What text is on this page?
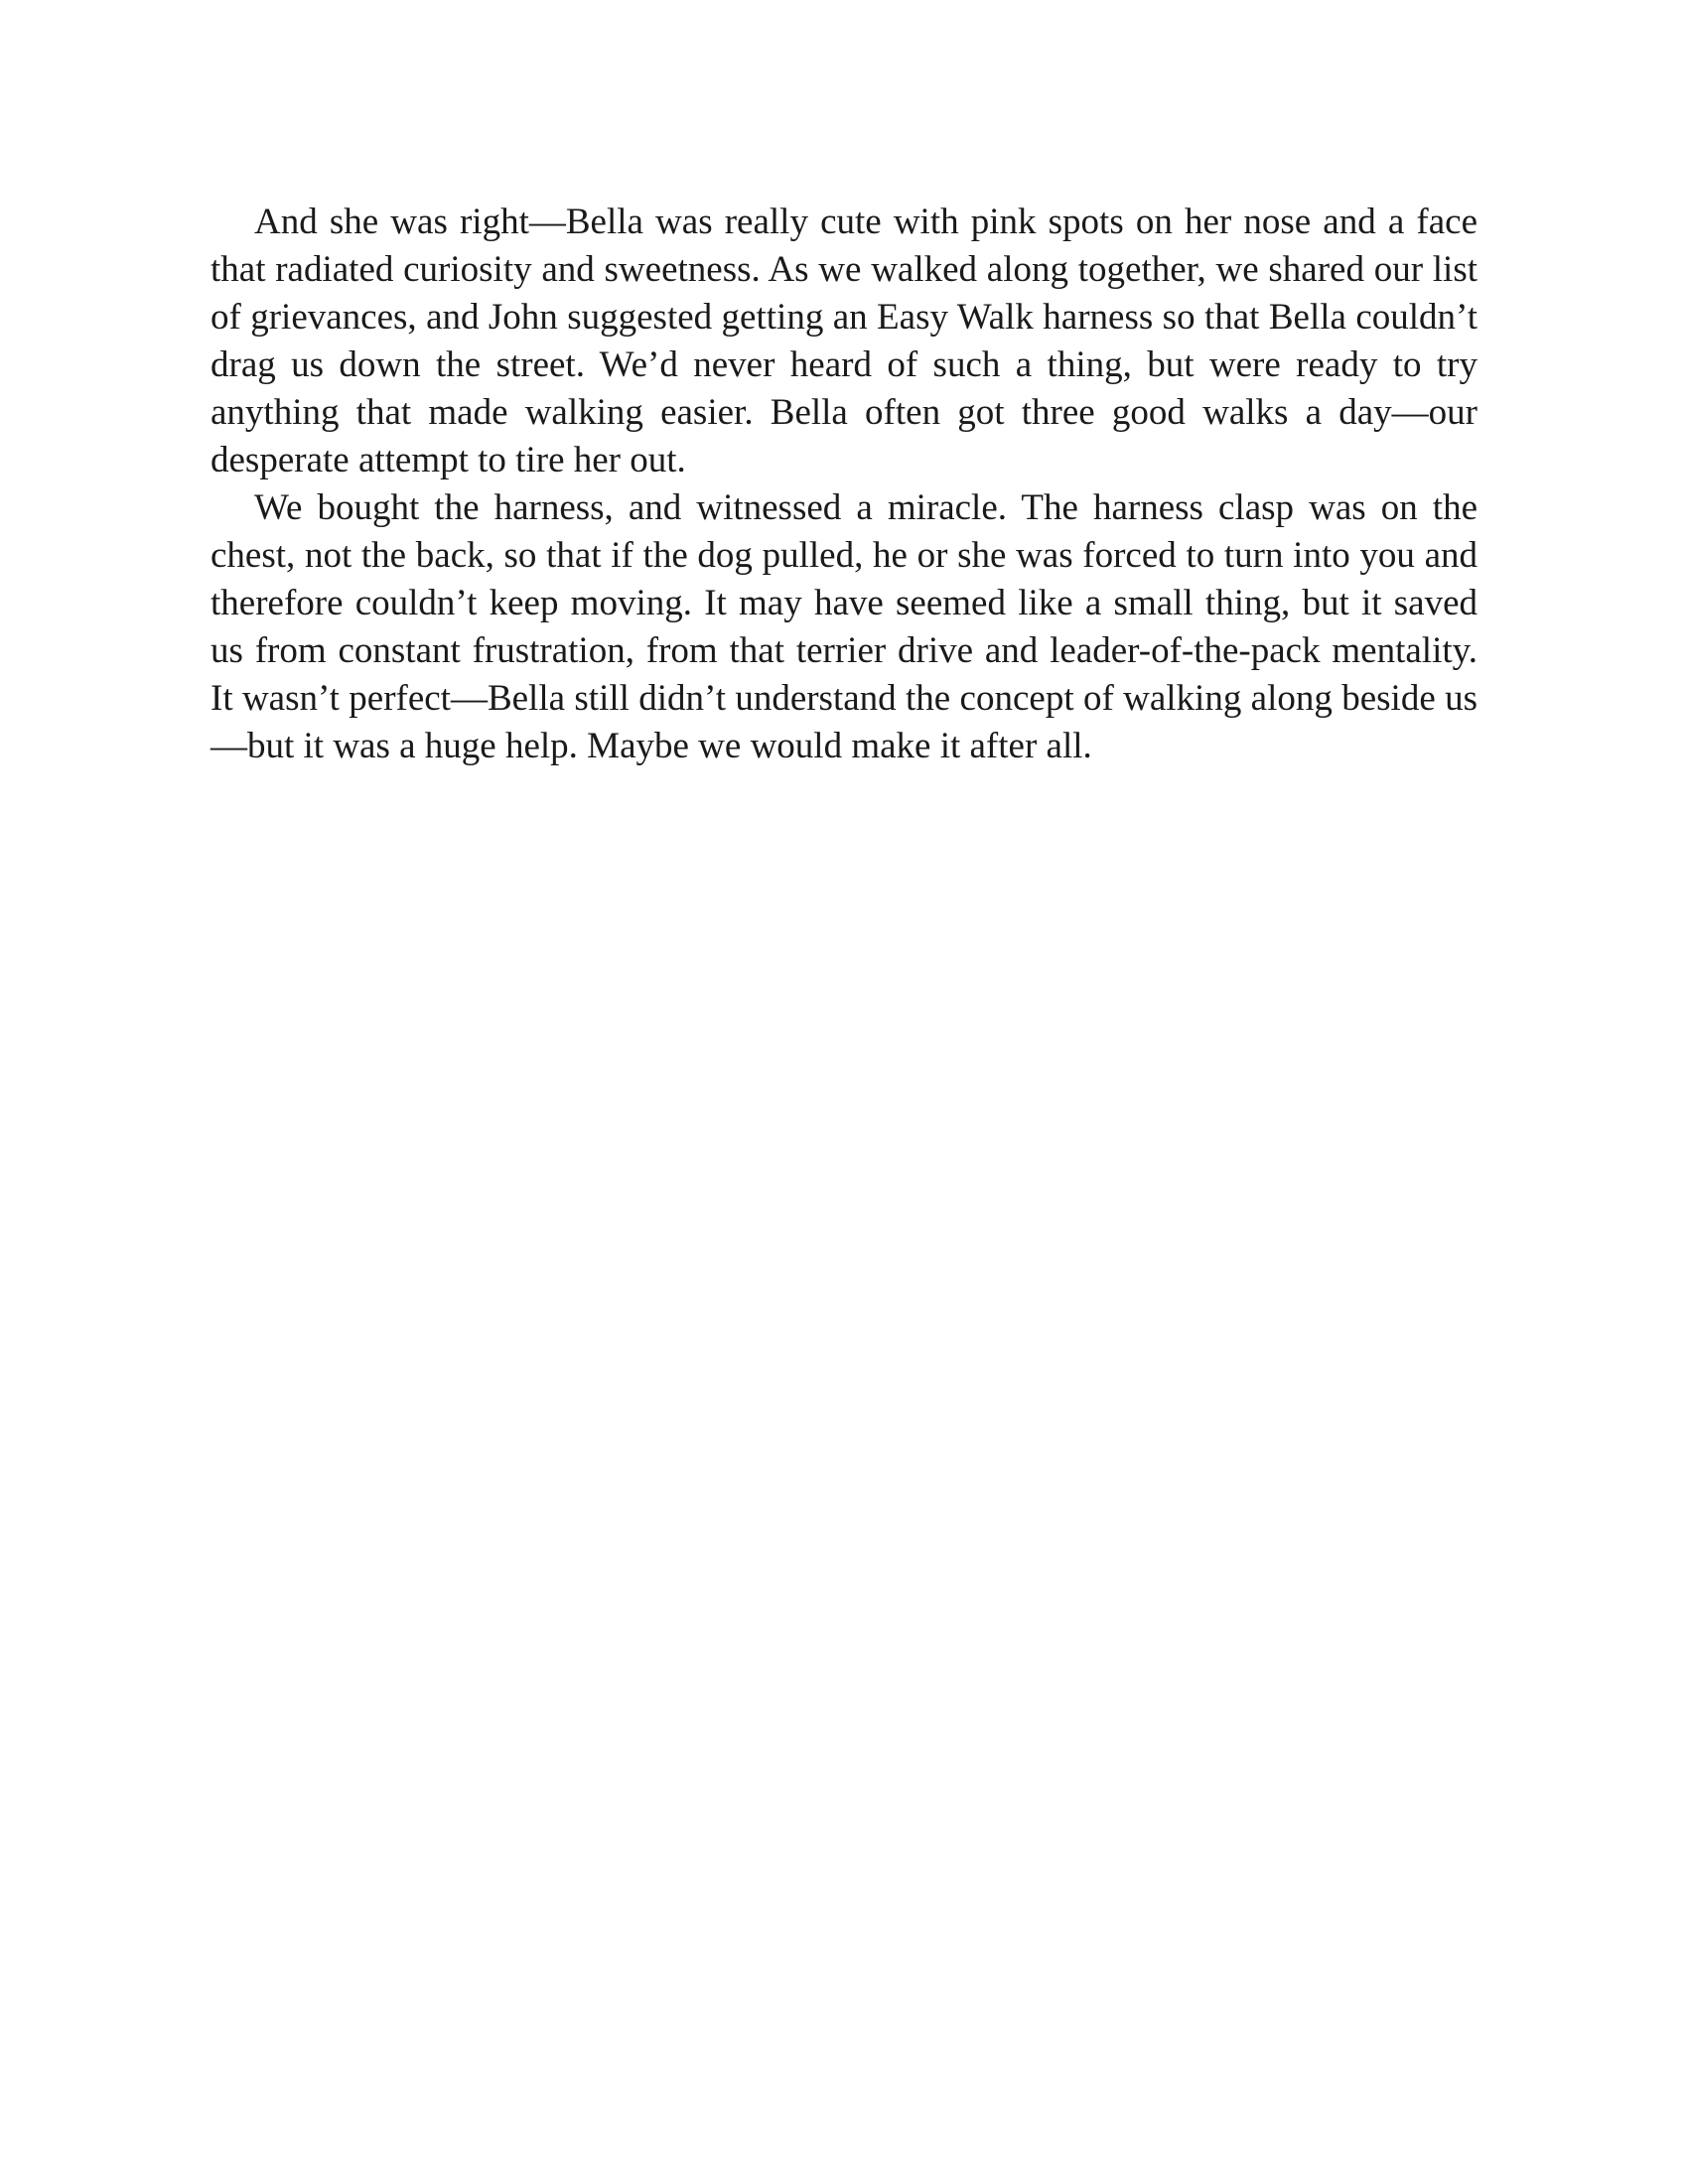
And she was right—Bella was really cute with pink spots on her nose and a face that radiated curiosity and sweetness. As we walked along together, we shared our list of grievances, and John suggested getting an Easy Walk harness so that Bella couldn’t drag us down the street. We’d never heard of such a thing, but were ready to try anything that made walking easier. Bella often got three good walks a day—our desperate attempt to tire her out.

We bought the harness, and witnessed a miracle. The harness clasp was on the chest, not the back, so that if the dog pulled, he or she was forced to turn into you and therefore couldn’t keep moving. It may have seemed like a small thing, but it saved us from constant frustration, from that terrier drive and leader-of-the-pack mentality. It wasn’t perfect—Bella still didn’t understand the concept of walking along beside us—but it was a huge help. Maybe we would make it after all.
